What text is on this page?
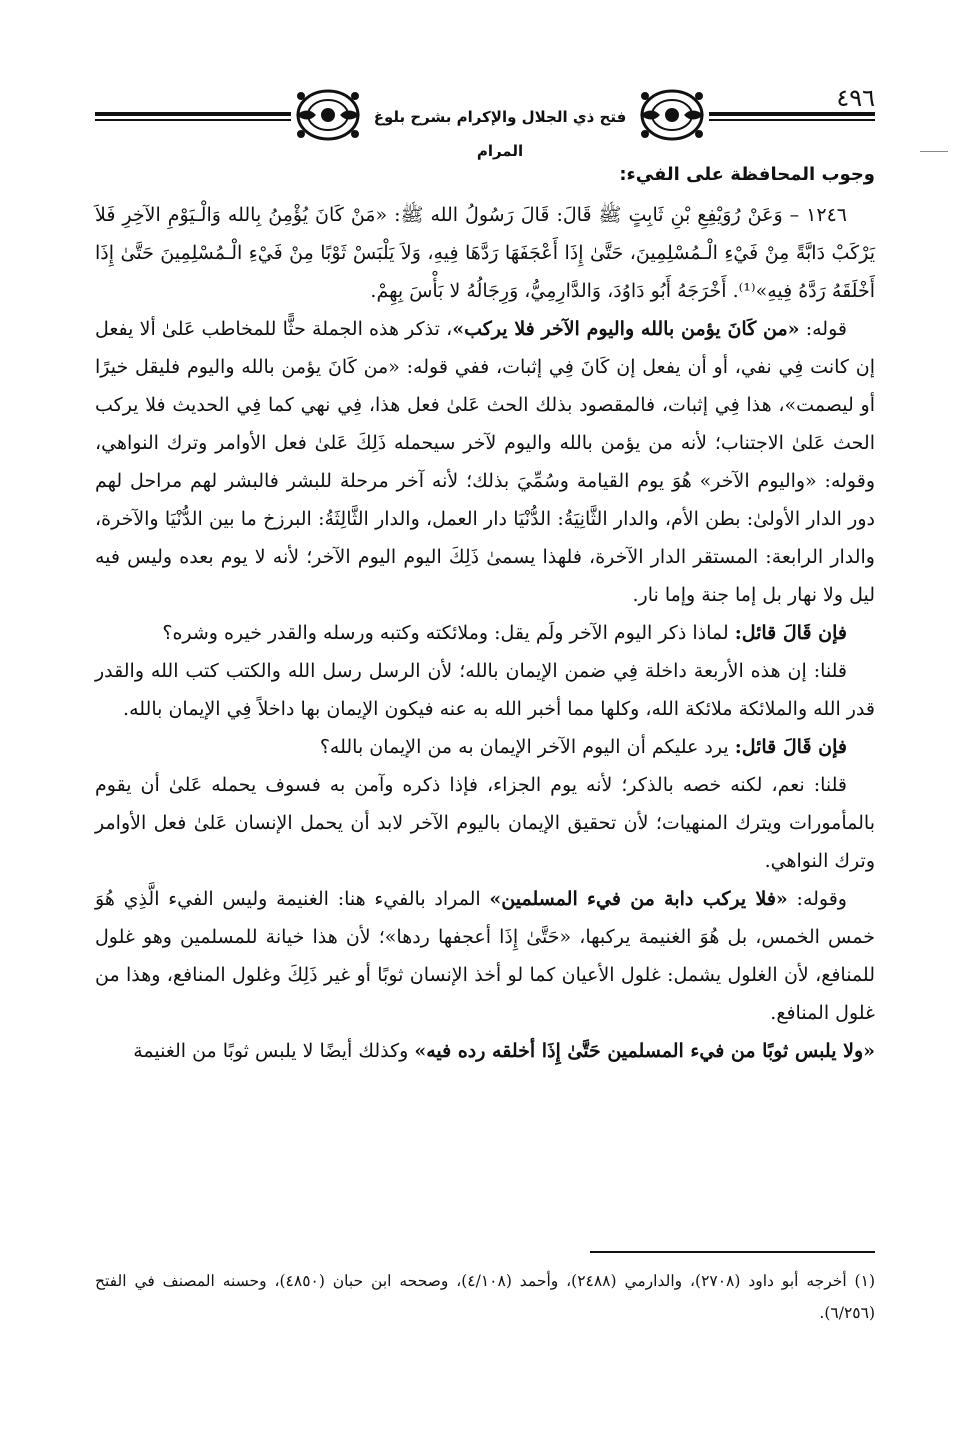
٤٩٦
فتح ذي الجلال والإكرام بشرح بلوغ المرام

وجوب المحافظة على الفيء:

١٢٤٦ – وَعَنْ رُوَيْفِعِ بْنِ ثَابِتٍ ﷺ قَالَ: قَالَ رَسُولُ الله ﷺ: «مَنْ كَانَ يُؤْمِنُ بِالله وَالْـيَوْمِ الآخِرِ فَلاَ يَرْكَبْ دَابَّةً مِنْ فَيْءِ الْـمُسْلِمِينَ، حَتَّىٰ إِذَا أَعْجَفَهَا رَدَّهَا فِيهِ، وَلاَ يَلْبَسْ ثَوْبًا مِنْ فَيْءِ الْـمُسْلِمِينَ حَتَّىٰ إِذَا أَخْلَقَهُ رَدَّهُ فِيهِ»⁽¹⁾. أَخْرَجَهُ أَبُو دَاوُدَ، وَالدَّارِمِيُّ، وَرِجَالُهُ لا بَأْسَ بِهِمْ.

قوله: «من كَانَ يؤمن بالله واليوم الآخر فلا يركب»، تذكر هذه الجملة حثًّا للمخاطب عَلىٰ ألا يفعل إن كانت فِي نفي، أو أن يفعل إن كَانَ فِي إثبات، ففي قوله: «من كَانَ يؤمن بالله واليوم فليقل خيرًا أو ليصمت»، هذا فِي إثبات، فالمقصود بذلك الحث عَلىٰ فعل هذا، فِي نهي كما فِي الحديث فلا يركب الحث عَلىٰ الاجتناب؛ لأنه من يؤمن بالله واليوم لآخر سيحمله ذَلِكَ عَلىٰ فعل الأوامر وترك النواهي، وقوله: «واليوم الآخر» هُوَ يوم القيامة وسُمِّيَ بذلك؛ لأنه آخر مرحلة للبشر فالبشر لهم مراحل لهم دور الدار الأولىٰ: بطن الأم، والدار الثَّانِيَةُ: الدُّنْيَا دار العمل، والدار الثَّالِثَةُ: البرزخ ما بين الدُّنْيَا والآخرة، والدار الرابعة: المستقر الدار الآخرة، فلهذا يسمىٰ ذَلِكَ اليوم اليوم الآخر؛ لأنه لا يوم بعده وليس فيه ليل ولا نهار بل إما جنة وإما نار.

فإن قَالَ قائل: لماذا ذكر اليوم الآخر ولَم يقل: وملائكته وكتبه ورسله والقدر خيره وشره؟

قلنا: إن هذه الأربعة داخلة فِي ضمن الإيمان بالله؛ لأن الرسل رسل الله والكتب كتب الله والقدر قدر الله والملائكة ملائكة الله، وكلها مما أخبر الله به عنه فيكون الإيمان بها داخلاً فِي الإيمان بالله.

فإن قَالَ قائل: يرد عليكم أن اليوم الآخر الإيمان به من الإيمان بالله؟

قلنا: نعم، لكنه خصه بالذكر؛ لأنه يوم الجزاء، فإذا ذكره وآمن به فسوف يحمله عَلىٰ أن يقوم بالمأمورات ويترك المنهيات؛ لأن تحقيق الإيمان باليوم الآخر لابد أن يحمل الإنسان عَلىٰ فعل الأوامر وترك النواهي.

وقوله: «فلا يركب دابة من فيء المسلمين» المراد بالفيء هنا: الغنيمة وليس الفيء الَّذِي هُوَ خمس الخمس، بل هُوَ الغنيمة يركبها، «حَتَّىٰ إِذَا أعجفها ردها»؛ لأن هذا خيانة للمسلمين وهو غلول للمنافع، لأن الغلول يشمل: غلول الأعيان كما لو أخذ الإنسان ثوبًا أو غير ذَلِكَ وغلول المنافع، وهذا من غلول المنافع.

«ولا يلبس ثوبًا من فيء المسلمين حَتَّىٰ إِذَا أخلقه رده فيه» وكذلك أيضًا لا يلبس ثوبًا من الغنيمة

(١) أخرجه أبو داود (٢٧٠٨)، والدارمي (٢٤٨٨)، وأحمد (٤/١٠٨)، وصححه ابن حبان (٤٨٥٠)، وحسنه المصنف في الفتح (٦/٢٥٦).
